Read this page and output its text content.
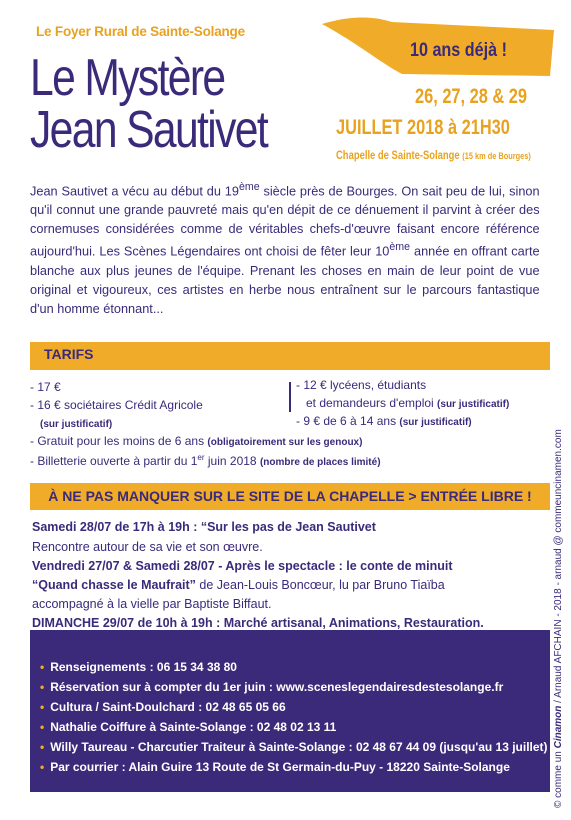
Le Foyer Rural de Sainte-Solange
Le Mystère
Jean Sautivet
10 ans déjà !
26, 27, 28 & 29
JUILLET 2018 à 21H30
Chapelle de Sainte-Solange (15 km de Bourges)
Jean Sautivet a vécu au début du 19ème siècle près de Bourges. On sait peu de lui, sinon qu'il connut une grande pauvreté mais qu'en dépit de ce dénuement il parvint à créer des cornemuses considérées comme de véritables chefs-d'œuvre faisant encore référence aujourd'hui. Les Scènes Légendaires ont choisi de fêter leur 10ème année en offrant carte blanche aux plus jeunes de l'équipe. Prenant les choses en main de leur point de vue original et vigoureux, ces artistes en herbe nous entraînent sur le parcours fantastique d'un homme étonnant...
TARIFS
- 17 €
- 16 € sociétaires Crédit Agricole
(sur justificatif)
- 12 € lycéens, étudiants
et demandeurs d'emploi (sur justificatif)
- 9 € de 6 à 14 ans (sur justificatif)
- Gratuit pour les moins de 6 ans (obligatoirement sur les genoux)
- Billetterie ouverte à partir du 1er juin 2018 (nombre de places limité)
À NE PAS MANQUER SUR LE SITE DE LA CHAPELLE > ENTRÉE LIBRE !
Samedi 28/07 de 17h à 19h : “Sur les pas de Jean Sautivet
Rencontre autour de sa vie et son œuvre.
Vendredi 27/07 & Samedi 28/07 - Après le spectacle : le conte de minuit
“Quand chasse le Maufrait” de Jean-Louis Boncœur, lu par Bruno Tiaïba
accompagné à la vielle par Baptiste Biffaut.
DIMANCHE 29/07 de 10h à 19h : Marché artisanal, Animations, Restauration.
• Renseignements : 06 15 34 38 80
• Réservation sur à compter du 1er juin : www.sceneslegendairesdestesolange.fr
• Cultura / Saint-Doulchard : 02 48 65 05 66
• Nathalie Coiffure à Sainte-Solange : 02 48 02 13 11
• Willy Taureau - Charcutier Traiteur à Sainte-Solange : 02 48 67 44 09 (jusqu'au 13 juillet)
• Par courrier : Alain Guire 13 Route de St Germain-du-Puy - 18220 Sainte-Solange	© comme un Cinamon / Arnaud AFCHAIN - 2018 - arnaud @ commeuncinamen.com
